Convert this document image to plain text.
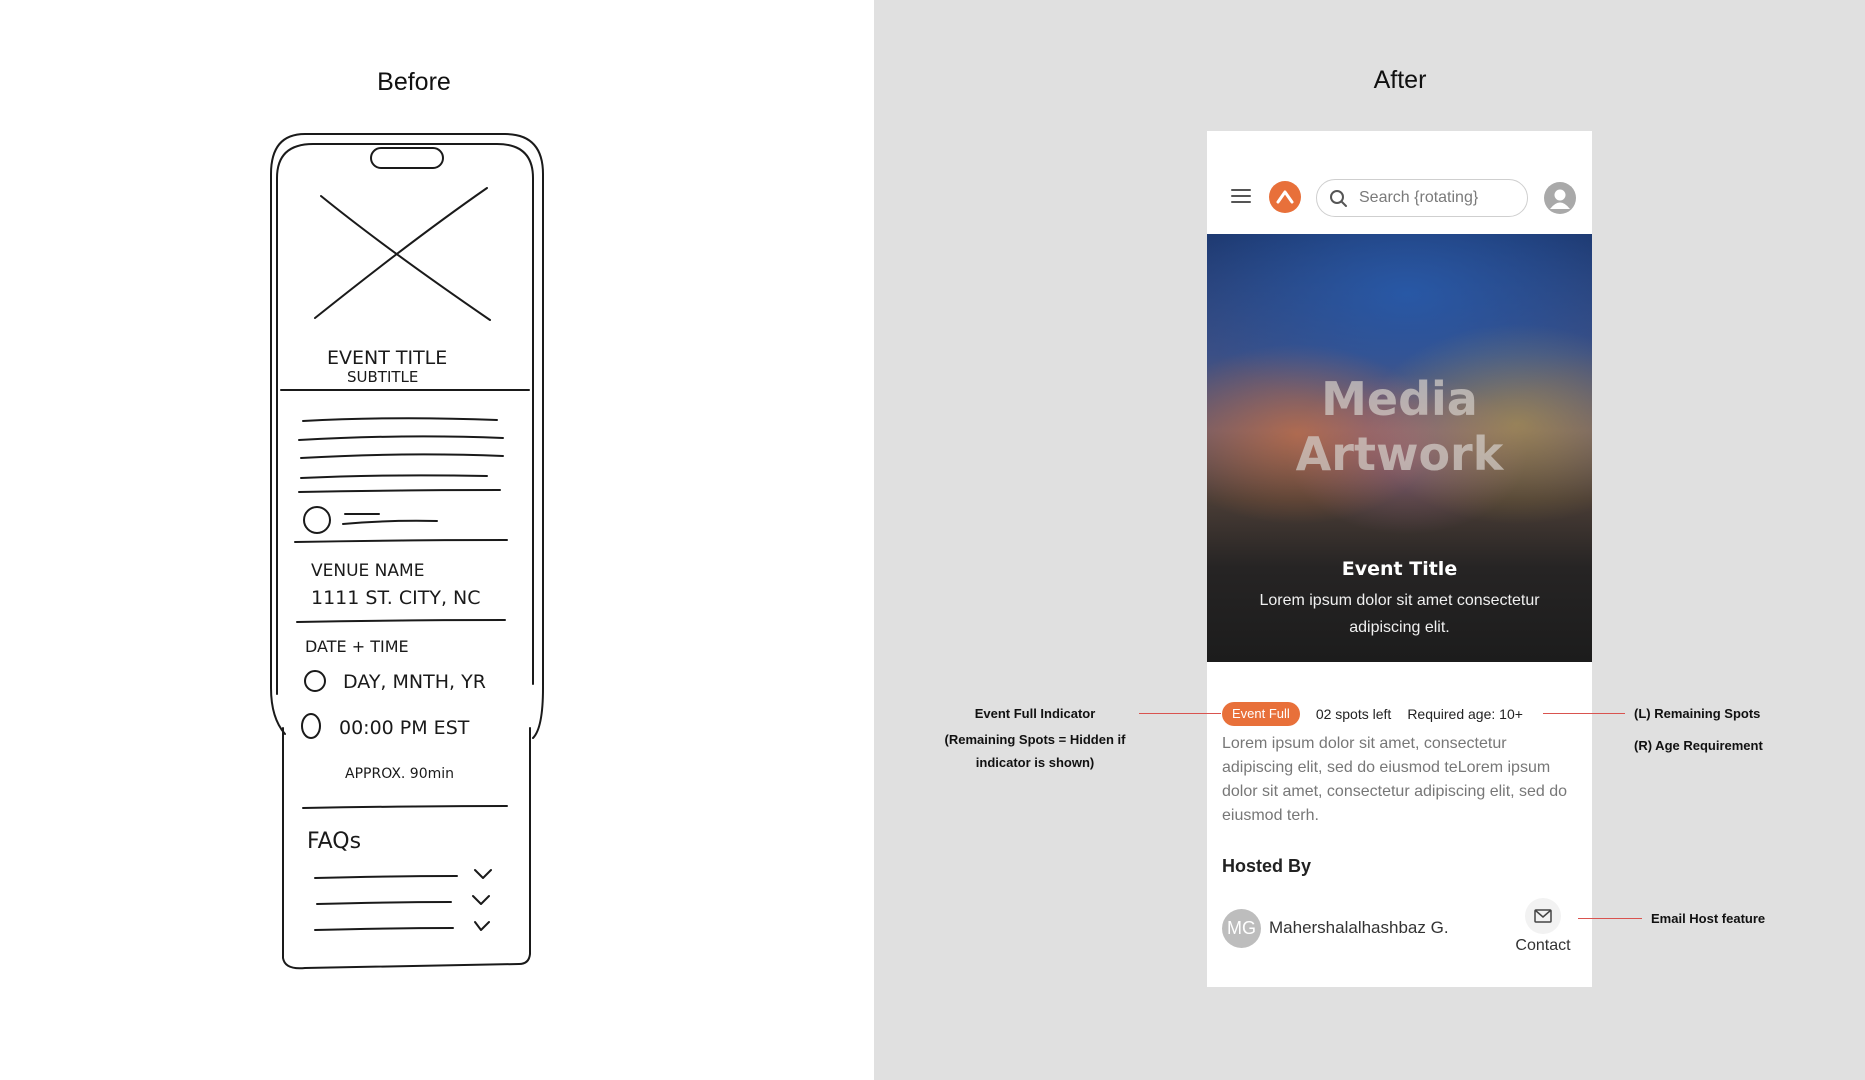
Before	After
EVENT TITLE
SUBTITLE
VENUE NAME
1111 ST. CITY, NC
DATE + TIME
DAY, MNTH, YR
00:00 PM EST
APPROX. 90min
FAQs
Search {rotating}
Media
Artwork
Event Title
Lorem ipsum dolor sit amet consectetur adipiscing elit.
Event Full	02 spots left Required age: 10+
Lorem ipsum dolor sit amet, consectetur adipiscing elit, sed do eiusmod teLorem ipsum dolor sit amet, consectetur adipiscing elit, sed do eiusmod terh.
Hosted By
MG Mahershalalhashbaz G.
Contact
Event Full Indicator
(Remaining Spots = Hidden if indicator is shown)
(L) Remaining Spots
(R) Age Requirement
Email Host feature
